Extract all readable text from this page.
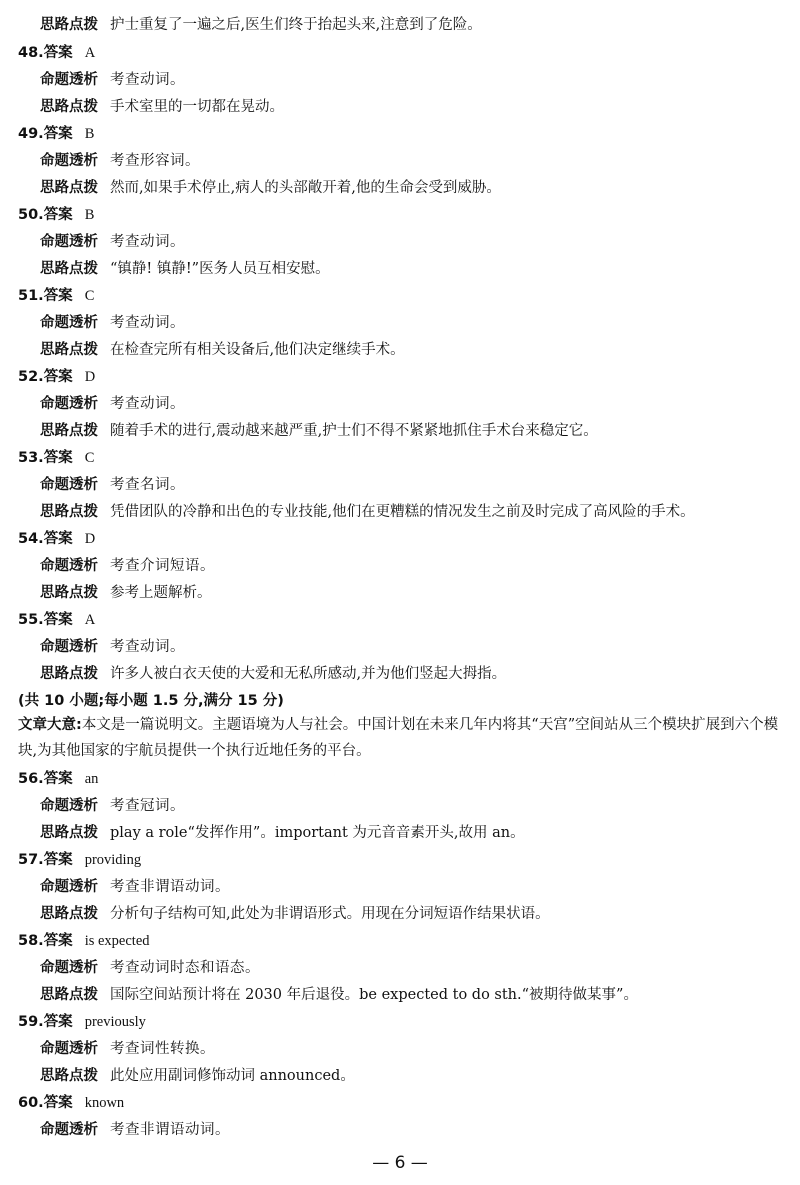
思路点拨 护士重复了一遍之后,医生们终于抬起头来,注意到了危险。
48.答案 A
命题透析 考查动词。
思路点拨 手术室里的一切都在晃动。
49.答案 B
命题透析 考查形容词。
思路点拨 然而,如果手术停止,病人的头部敞开着,他的生命会受到威胁。
50.答案 B
命题透析 考查动词。
思路点拨 “镇静! 镇静!”医务人员互相安慰。
51.答案 C
命题透析 考查动词。
思路点拨 在检查完所有相关设备后,他们决定继续手术。
52.答案 D
命题透析 考查动词。
思路点拨 随着手术的进行,震动越来越严重,护士们不得不紧紧地抓住手术台来稳定它。
53.答案 C
命题透析 考查名词。
思路点拨 凭借团队的冷静和出色的专业技能,他们在更糟糕的情况发生之前及时完成了高风险的手术。
54.答案 D
命题透析 考查介词短语。
思路点拨 参考上题解析。
55.答案 A
命题透析 考查动词。
思路点拨 许多人被白衣天使的大爱和无私所感动,并为他们竖起大拇指。
(共 10 小题;每小题 1.5 分,满分 15 分)
文章大意:本文是一篇说明文。主题语境为人与社会。中国计划在未来几年内将其“天宫”空间站从三个模块扩展到六个模块,为其他国家的宇航员提供一个执行近地任务的平台。
56.答案 an
命题透析 考查冠词。
思路点拨 play a role“发挥作用”。important 为元音音素开头,故用 an。
57.答案 providing
命题透析 考查非谓语动词。
思路点拨 分析句子结构可知,此处为非谓语形式。用现在分词短语作结果状语。
58.答案 is expected
命题透析 考查动词时态和语态。
思路点拨 国际空间站预计将在 2030 年后退役。be expected to do sth.“被期待做某事”。
59.答案 previously
命题透析 考查词性转换。
思路点拨 此处应用副词修饰动词 announced。
60.答案 known
命题透析 考查非谓语动词。
— 6 —
